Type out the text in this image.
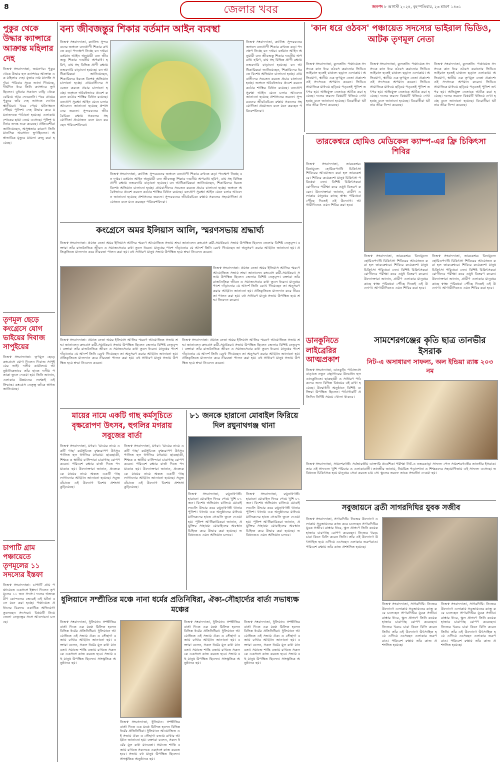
8	জেলার খবর	জনপদ ৮ আগস্ট ২০২৪, বৃহস্পতিবার, ২৩ শ্রাবণ ১৪৩১
পুকুর থেকে উদ্ধার ক্যান্সারে আক্রান্ত মহিলার দেহ
নিজস্ব সংবাদদাতা, জয়নগর: পুকুর থেকে উদ্ধার হল ক্যান্সারে আক্রান্ত এক মহিলার দেহ। মৃতার নাম মালতি সর্দার। পরিবার সূত্রে জানা গিয়েছে, দীর্ঘদিন ধরে তিনি ক্যান্সারে ভুগছিলেন। বুধবার সকালে বাড়ি থেকে বেরিয়ে আর ফেরেননি। পরে গ্রামের পুকুরে তাঁর দেহ ভাসতে দেখেন স্থানীয়রা। খবর পেয়ে ঘটনাস্থলে পৌঁছয় পুলিশ। দেহ উদ্ধার করে ময়নাতদন্তে পাঠানো হয়েছে। এলাকায় শোকের ছায়া নেমে এসেছে। পুলিশ ঘটনার তদন্ত শুরু করেছে। প্রতিবেশীরা জানিয়েছেন, অসুস্থতার কারণে তিনি মানসিক অবসাদে ভুগছিলেন। অস্বাভাবিক মৃত্যুর মামলা রুজু করা হয়েছে।
তৃণমূল ছেড়ে কংগ্রেসে যোগ ভাইয়ের দিবাজ সাপুইয়ের
নিজস্ব সংবাদদাতা: তৃণমূল ছেড়ে কংগ্রেসে যোগ দিলেন দিবাজ সাপুইয়ের ভাই। দলীয় কার্যালয়ে আনুষ্ঠানিকভাবে তাঁর হাতে দলীয় পতাকা তুলে দেওয়া হয়। তিনি জানান, এলাকার উন্নয়নের লক্ষ্যেই এই সিদ্ধান্ত। কংগ্রেস নেতৃত্ব তাঁকে স্বাগত জানিয়েছে।
চাপাটি গ্রাম পঞ্চায়েতে তৃণমূলের ১১ সদস্যের ইস্তফা
নিজস্ব সংবাদদাতা: চাপাটি গ্রাম পঞ্চায়েতে একসঙ্গে ইস্তফা দিলেন তৃণমূলের ১১ জন সদস্য। দলের অভ্যন্তরীণ কোন্দলের জেরেই এই ঘটনা বলে মনে করা হচ্ছে। পঞ্চায়েত প্রধানের বিরুদ্ধে একাধিক অভিযোগ তুলেছেন সদস্যরা। বিষয়টি নিয়ে জেলা নেতৃত্বের সঙ্গে আলোচনা চলছে।
বন্য জীবজন্তুর শিকার বর্তমান আইন ব্যবস্থা
নিজস্ব সংবাদদাতা, ক্যানিং: সুন্দরবনের জঙ্গলে বন্যপ্রাণী শিকার রুখতে কড়া পদক্ষেপ নিচ্ছে বন দপ্তর। বর্তমান আইন অনুযায়ী বন্য জীবজন্তু শিকার দণ্ডনীয় অপরাধ। হরিণ, বাঘ সহ বিভিন্ন প্রাণী রক্ষায় নজরদারি বাড়ানো হয়েছে। বন আধিকারিকরা জানিয়েছেন, শিকারিদের ধরতে বিশেষ অভিযান চালানো হচ্ছে। গ্রামবাসীদের সচেতন করতে প্রচার চালানো হচ্ছে। জঙ্গলে অবৈধভাবে প্রবেশ করলে কঠোর শাস্তির বিধান রয়েছে। বন্যপ্রাণ সুরক্ষা আইন মেনে চলার আবেদন জানানো হয়েছে প্রশাসনের তরফে। সুন্দরবনের জীববৈচিত্র্য রক্ষায় সকলের সহযোগিতা প্রয়োজন বলে মনে করছেন পরিবেশবিদরা।
নিজস্ব সংবাদদাতা, ক্যানিং: সুন্দরবনের জঙ্গলে বন্যপ্রাণী শিকার রুখতে কড়া পদক্ষেপ নিচ্ছে বন দপ্তর। বর্তমান আইন অনুযায়ী বন্য জীবজন্তু শিকার দণ্ডনীয় অপরাধ। হরিণ, বাঘ সহ বিভিন্ন প্রাণী রক্ষায় নজরদারি বাড়ানো হয়েছে। বন আধিকারিকরা জানিয়েছেন, শিকারিদের ধরতে বিশেষ অভিযান চালানো হচ্ছে। গ্রামবাসীদের সচেতন করতে প্রচার চালানো হচ্ছে। জঙ্গলে অবৈধভাবে প্রবেশ করলে কঠোর শাস্তির বিধান রয়েছে। বন্যপ্রাণ সুরক্ষা আইন মেনে চলার আবেদন জানানো হয়েছে প্রশাসনের তরফে। সুন্দরবনের জীববৈচিত্র্য রক্ষায় সকলের সহযোগিতা প্রয়োজন বলে মনে করছেন পরিবেশবিদরা।
নিজস্ব সংবাদদাতা, ক্যানিং: সুন্দরবনের জঙ্গলে বন্যপ্রাণী শিকার রুখতে কড়া পদক্ষেপ নিচ্ছে বন দপ্তর। বর্তমান আইন অনুযায়ী বন্য জীবজন্তু শিকার দণ্ডনীয় অপরাধ। হরিণ, বাঘ সহ বিভিন্ন প্রাণী রক্ষায় নজরদারি বাড়ানো হয়েছে। বন আধিকারিকরা জানিয়েছেন, শিকারিদের ধরতে বিশেষ অভিযান চালানো হচ্ছে। গ্রামবাসীদের সচেতন করতে প্রচার চালানো হচ্ছে। জঙ্গলে অবৈধভাবে প্রবেশ করলে কঠোর শাস্তির বিধান রয়েছে। বন্যপ্রাণ সুরক্ষা আইন মেনে চলার আবেদন জানানো হয়েছে প্রশাসনের তরফে। সুন্দরবনের জীববৈচিত্র্য রক্ষায় সকলের সহযোগিতা প্রয়োজন বলে মনে করছেন পরিবেশবিদরা।
'কান ধরে ওঠবস' পঞ্চায়েত সদস্যের ভাইরাল ভিডিও, আটক তৃণমূল নেতা
নিজস্ব সংবাদদাতা, কুলতলি: পঞ্চায়েত সদস্যকে কান ধরে ওঠবস করানোর ভিডিও ভাইরাল হতেই চাঞ্চল্য ছড়াল এলাকায়। অভিযোগ, স্থানীয় এক তৃণমূল নেতা প্রকাশ্যে ওই সদস্যকে অপমান করেন। ভিডিও সামাজিক মাধ্যমে ছড়িয়ে পড়তেই পুলিশ তৎপর হয়। অভিযুক্ত নেতাকে আটক করা হয়েছে। দলের তরফে বিষয়টি খতিয়ে দেখা হচ্ছে বলে জানানো হয়েছে। বিরোধীরা ঘটনার তীব্র নিন্দা করেছে।
নিজস্ব সংবাদদাতা, কুলতলি: পঞ্চায়েত সদস্যকে কান ধরে ওঠবস করানোর ভিডিও ভাইরাল হতেই চাঞ্চল্য ছড়াল এলাকায়। অভিযোগ, স্থানীয় এক তৃণমূল নেতা প্রকাশ্যে ওই সদস্যকে অপমান করেন। ভিডিও সামাজিক মাধ্যমে ছড়িয়ে পড়তেই পুলিশ তৎপর হয়। অভিযুক্ত নেতাকে আটক করা হয়েছে। দলের তরফে বিষয়টি খতিয়ে দেখা হচ্ছে বলে জানানো হয়েছে। বিরোধীরা ঘটনার তীব্র নিন্দা করেছে।
নিজস্ব সংবাদদাতা, কুলতলি: পঞ্চায়েত সদস্যকে কান ধরে ওঠবস করানোর ভিডিও ভাইরাল হতেই চাঞ্চল্য ছড়াল এলাকায়। অভিযোগ, স্থানীয় এক তৃণমূল নেতা প্রকাশ্যে ওই সদস্যকে অপমান করেন। ভিডিও সামাজিক মাধ্যমে ছড়িয়ে পড়তেই পুলিশ তৎপর হয়। অভিযুক্ত নেতাকে আটক করা হয়েছে। দলের তরফে বিষয়টি খতিয়ে দেখা হচ্ছে বলে জানানো হয়েছে। বিরোধীরা ঘটনার তীব্র নিন্দা করেছে।
তারকেশ্বরে হোমিও মেডিকেল ক্যাম্প-এর ফ্রি চিকিৎসা শিবির
নিজস্ব সংবাদদাতা, তারকেশ্বর: বিনামূল্যে হোমিওপ্যাথি চিকিৎসা শিবিরের আয়োজন করা হল তারকেশ্বরে। শিবিরে কয়েকশো মানুষ চিকিৎসা পরিষেবা নেন। বিশিষ্ট চিকিৎসকরা রোগীদের পরীক্ষা করে ওষুধ বিতরণ করেন। উদ্যোক্তারা জানান, গ্রামীণ এলাকার মানুষের কাছে স্বাস্থ্য পরিষেবা পৌঁছে দিতেই এই উদ্যোগ। আগামীদিনেও এমন শিবির করা হবে।
নিজস্ব সংবাদদাতা, তারকেশ্বর: বিনামূল্যে হোমিওপ্যাথি চিকিৎসা শিবিরের আয়োজন করা হল তারকেশ্বরে। শিবিরে কয়েকশো মানুষ চিকিৎসা পরিষেবা নেন। বিশিষ্ট চিকিৎসকরা রোগীদের পরীক্ষা করে ওষুধ বিতরণ করেন। উদ্যোক্তারা জানান, গ্রামীণ এলাকার মানুষের কাছে স্বাস্থ্য পরিষেবা পৌঁছে দিতেই এই উদ্যোগ। আগামীদিনেও এমন শিবির করা হবে।
নিজস্ব সংবাদদাতা, তারকেশ্বর: বিনামূল্যে হোমিওপ্যাথি চিকিৎসা শিবিরের আয়োজন করা হল তারকেশ্বরে। শিবিরে কয়েকশো মানুষ চিকিৎসা পরিষেবা নেন। বিশিষ্ট চিকিৎসকরা রোগীদের পরীক্ষা করে ওষুধ বিতরণ করেন। উদ্যোক্তারা জানান, গ্রামীণ এলাকার মানুষের কাছে স্বাস্থ্য পরিষেবা পৌঁছে দিতেই এই উদ্যোগ। আগামীদিনেও এমন শিবির করা হবে।
কংগ্রেসে অমর ইলিয়াস আলি, স্মরণসভায় শ্রদ্ধার্ঘ্য
নিজস্ব সংবাদদাতা: প্রয়াত নেতা অমর ইলিয়াস আলির স্মরণে আয়োজিত সভায় শ্রদ্ধা জানালেন কংগ্রেস কর্মী-সমর্থকরা। সভায় উপস্থিত ছিলেন জেলার বিশিষ্ট নেতৃবৃন্দ। বক্তারা তাঁর রাজনৈতিক জীবন ও সমাজসেবার কথা তুলে ধরেন। মানুষের পাশে দাঁড়ানোর যে আদর্শ তিনি রেখে গিয়েছেন তা অনুসরণ করার আহ্বান জানানো হয়। প্রতিকৃতিতে মাল্যদান করে নীরবতা পালন করা হয়। বহু সাধারণ মানুষ সভায় উপস্থিত হয়ে শ্রদ্ধা নিবেদন করেন।
নিজস্ব সংবাদদাতা: প্রয়াত নেতা অমর ইলিয়াস আলির স্মরণে আয়োজিত সভায় শ্রদ্ধা জানালেন কংগ্রেস কর্মী-সমর্থকরা। সভায় উপস্থিত ছিলেন জেলার বিশিষ্ট নেতৃবৃন্দ। বক্তারা তাঁর রাজনৈতিক জীবন ও সমাজসেবার কথা তুলে ধরেন। মানুষের পাশে দাঁড়ানোর যে আদর্শ তিনি রেখে গিয়েছেন তা অনুসরণ করার আহ্বান জানানো হয়। প্রতিকৃতিতে মাল্যদান করে নীরবতা পালন করা হয়। বহু সাধারণ মানুষ সভায় উপস্থিত হয়ে শ্রদ্ধা নিবেদন করেন।
নিজস্ব সংবাদদাতা: প্রয়াত নেতা অমর ইলিয়াস আলির স্মরণে আয়োজিত সভায় শ্রদ্ধা জানালেন কংগ্রেস কর্মী-সমর্থকরা। সভায় উপস্থিত ছিলেন জেলার বিশিষ্ট নেতৃবৃন্দ। বক্তারা তাঁর রাজনৈতিক জীবন ও সমাজসেবার কথা তুলে ধরেন। মানুষের পাশে দাঁড়ানোর যে আদর্শ তিনি রেখে গিয়েছেন তা অনুসরণ করার আহ্বান জানানো হয়। প্রতিকৃতিতে মাল্যদান করে নীরবতা পালন করা হয়। বহু সাধারণ মানুষ সভায় উপস্থিত হয়ে শ্রদ্ধা নিবেদন করেন।
নিজস্ব সংবাদদাতা: প্রয়াত নেতা অমর ইলিয়াস আলির স্মরণে আয়োজিত সভায় শ্রদ্ধা জানালেন কংগ্রেস কর্মী-সমর্থকরা। সভায় উপস্থিত ছিলেন জেলার বিশিষ্ট নেতৃবৃন্দ। বক্তারা তাঁর রাজনৈতিক জীবন ও সমাজসেবার কথা তুলে ধরেন। মানুষের পাশে দাঁড়ানোর যে আদর্শ তিনি রেখে গিয়েছেন তা অনুসরণ করার আহ্বান জানানো হয়। প্রতিকৃতিতে মাল্যদান করে নীরবতা পালন করা হয়। বহু সাধারণ মানুষ সভায় উপস্থিত হয়ে শ্রদ্ধা নিবেদন করেন।
ডানকুনিতে লাইব্রেরির আত্মপ্রকাশ
নিজস্ব সংবাদদাতা, ডানকুনি: পাঠাভ্যাস বাড়াতে নতুন গ্রন্থাগারের উদ্বোধন হল ডানকুনিতে। ছাত্রছাত্রী ও সাধারণ পাঠকদের জন্য বিভিন্ন বিষয়ের বই রাখা হয়েছে। উদ্বোধনী অনুষ্ঠানে বিশিষ্ট ব্যক্তিরা উপস্থিত ছিলেন। পাঠাগারটি প্রতিদিন নির্দিষ্ট সময়ে খোলা থাকবে।
সামশেরগঞ্জের কৃতি ছাত্র তানভীর ইসরাক
নিট-এ অসাধারণ সাফল্য, অল ইন্ডিয়া র‍্যাঙ্ক ২০৩ নম
নিজস্ব সংবাদদাতা, সামশেরগঞ্জ: সর্বভারতীয় ডাক্তারি প্রবেশিকা পরীক্ষা নিট-এ নজরকাড়া সাফল্য পেল সামশেরগঞ্জের তানভীর ইসরাক। তার এই সাফল্যে খুশি পরিবার ও এলাকাবাসী। তানভীর জানায়, নিয়মিত পড়াশোনা ও শিক্ষকদের সহযোগিতায় এই সাফল্য এসেছে। ভবিষ্যতে চিকিৎসক হয়ে মানুষের সেবা করতে চায় সে। স্কুলের তরফে তাকে সংবর্ধনা দেওয়া হয়।
সবুজায়নে ব্রতী সাগরদিঘির যুবক সজীব
নিজস্ব সংবাদদাতা, সাগরদিঘি: নিজের উদ্যোগে এলাকায় সবুজায়নের কাজ করে চলেছেন সাগরদিঘির যুবক সজীব। রাস্তার ধারে, স্কুল প্রাঙ্গণে তিনি কয়েক হাজার চারাগাছ রোপণ করেছেন। নিজের খরচে চারা কিনে বিলি করেন তিনি। তাঁর এই উদ্যোগে উৎসাহিত হয়ে এগিয়ে এসেছেন এলাকার তরুণরাও। পরিবেশ রক্ষায় তাঁর কাজ প্রশংসিত হয়েছে।
নিজস্ব সংবাদদাতা, সাগরদিঘি: নিজের উদ্যোগে এলাকায় সবুজায়নের কাজ করে চলেছেন সাগরদিঘির যুবক সজীব। রাস্তার ধারে, স্কুল প্রাঙ্গণে তিনি কয়েক হাজার চারাগাছ রোপণ করেছেন। নিজের খরচে চারা কিনে বিলি করেন তিনি। তাঁর এই উদ্যোগে উৎসাহিত হয়ে এগিয়ে এসেছেন এলাকার তরুণরাও। পরিবেশ রক্ষায় তাঁর কাজ প্রশংসিত হয়েছে।
নিজস্ব সংবাদদাতা, সাগরদিঘি: নিজের উদ্যোগে এলাকায় সবুজায়নের কাজ করে চলেছেন সাগরদিঘির যুবক সজীব। রাস্তার ধারে, স্কুল প্রাঙ্গণে তিনি কয়েক হাজার চারাগাছ রোপণ করেছেন। নিজের খরচে চারা কিনে বিলি করেন তিনি। তাঁর এই উদ্যোগে উৎসাহিত হয়ে এগিয়ে এসেছেন এলাকার তরুণরাও। পরিবেশ রক্ষায় তাঁর কাজ প্রশংসিত হয়েছে।
মায়ের নামে একটি গাছ কর্মসূচিতে বৃক্ষরোপণ উৎসব, হুগলির মগরায় সবুজের বার্তা
নিজস্ব সংবাদদাতা, মগরা: 'মায়ের নামে একটি গাছ' কর্মসূচিতে বৃক্ষরোপণ উৎসব পালিত হল হুগলির মগরায়। ছাত্রছাত্রী, শিক্ষক ও স্থানীয় বাসিন্দারা চারাগাছ রোপণ করেন। পরিবেশ রক্ষার বার্তা দিতে পদযাত্রাও হয়। উদ্যোক্তারা জানান, প্রত্যেককে মায়ের নামে অন্তত একটি গাছ লাগানোর আহ্বান জানানো হয়েছে। সবুজ বাঁচাতে এই উদ্যোগ বিশেষ প্রশংসা কুড়িয়েছে।
নিজস্ব সংবাদদাতা, মগরা: 'মায়ের নামে একটি গাছ' কর্মসূচিতে বৃক্ষরোপণ উৎসব পালিত হল হুগলির মগরায়। ছাত্রছাত্রী, শিক্ষক ও স্থানীয় বাসিন্দারা চারাগাছ রোপণ করেন। পরিবেশ রক্ষার বার্তা দিতে পদযাত্রাও হয়। উদ্যোক্তারা জানান, প্রত্যেককে মায়ের নামে অন্তত একটি গাছ লাগানোর আহ্বান জানানো হয়েছে। সবুজ বাঁচাতে এই উদ্যোগ বিশেষ প্রশংসা কুড়িয়েছে।
৮১ জনকে হারানো মোবাইল ফিরিয়ে দিল রঘুনাথগঞ্জ থানা
নিজস্ব সংবাদদাতা, রঘুনাথগঞ্জ: হারানো মোবাইল ফিরে পেয়ে খুশি ৮১ জন। বিশেষ অভিযান চালিয়ে মোবাইলগুলি উদ্ধার করে রঘুনাথগঞ্জ থানার পুলিশ। থানায় এক অনুষ্ঠানের মাধ্যমে মালিকদের হাতে সেগুলি তুলে দেওয়া হয়। পুলিশ আধিকারিকরা জানান, প্রযুক্তির সাহায্যে মোবাইলের অবস্থান চিহ্নিত করে উদ্ধার করা হয়েছে। ভবিষ্যতেও এমন অভিযান চলবে।
নিজস্ব সংবাদদাতা, রঘুনাথগঞ্জ: হারানো মোবাইল ফিরে পেয়ে খুশি ৮১ জন। বিশেষ অভিযান চালিয়ে মোবাইলগুলি উদ্ধার করে রঘুনাথগঞ্জ থানার পুলিশ। থানায় এক অনুষ্ঠানের মাধ্যমে মালিকদের হাতে সেগুলি তুলে দেওয়া হয়। পুলিশ আধিকারিকরা জানান, প্রযুক্তির সাহায্যে মোবাইলের অবস্থান চিহ্নিত করে উদ্ধার করা হয়েছে। ভবিষ্যতেও এমন অভিযান চলবে।
ধুলিয়ানে সম্প্রীতির মঞ্চে নানা ধর্মের প্রতিনিধিরা, ঐক্য-সৌহার্দ্যের বার্তা সভাধ্যক্ষ মঞ্চের
নিজস্ব সংবাদদাতা, ধুলিয়ান: সম্প্রীতির বার্তা দিতে এক মঞ্চে মিলিত হলেন বিভিন্ন ধর্মের প্রতিনিধিরা। ধুলিয়ানে আয়োজিত এই সভায় ঐক্য ও সৌহার্দ্য বজায় রাখার আহ্বান জানানো হয়। বক্তারা বলেন, সকল ধর্মের মূল কথা মানবতা। সমাজে শান্তি বজায় রাখতে সকলকে একসঙ্গে কাজ করতে হবে। সভায় বহু মানুষ উপস্থিত ছিলেন। সাংস্কৃতিক অনুষ্ঠানও হয়।
নিজস্ব সংবাদদাতা, ধুলিয়ান: সম্প্রীতির বার্তা দিতে এক মঞ্চে মিলিত হলেন বিভিন্ন ধর্মের প্রতিনিধিরা। ধুলিয়ানে আয়োজিত এই সভায় ঐক্য ও সৌহার্দ্য বজায় রাখার আহ্বান জানানো হয়। বক্তারা বলেন, সকল ধর্মের মূল কথা মানবতা। সমাজে শান্তি বজায় রাখতে সকলকে একসঙ্গে কাজ করতে হবে। সভায় বহু মানুষ উপস্থিত ছিলেন। সাংস্কৃতিক অনুষ্ঠানও হয়।
নিজস্ব সংবাদদাতা, ধুলিয়ান: সম্প্রীতির বার্তা দিতে এক মঞ্চে মিলিত হলেন বিভিন্ন ধর্মের প্রতিনিধিরা। ধুলিয়ানে আয়োজিত এই সভায় ঐক্য ও সৌহার্দ্য বজায় রাখার আহ্বান জানানো হয়। বক্তারা বলেন, সকল ধর্মের মূল কথা মানবতা। সমাজে শান্তি বজায় রাখতে সকলকে একসঙ্গে কাজ করতে হবে। সভায় বহু মানুষ উপস্থিত ছিলেন। সাংস্কৃতিক অনুষ্ঠানও হয়।
নিজস্ব সংবাদদাতা, ধুলিয়ান: সম্প্রীতির বার্তা দিতে এক মঞ্চে মিলিত হলেন বিভিন্ন ধর্মের প্রতিনিধিরা। ধুলিয়ানে আয়োজিত এই সভায় ঐক্য ও সৌহার্দ্য বজায় রাখার আহ্বান জানানো হয়। বক্তারা বলেন, সকল ধর্মের মূল কথা মানবতা। সমাজে শান্তি বজায় রাখতে সকলকে একসঙ্গে কাজ করতে হবে। সভায় বহু মানুষ উপস্থিত ছিলেন। সাংস্কৃতিক অনুষ্ঠানও হয়।
